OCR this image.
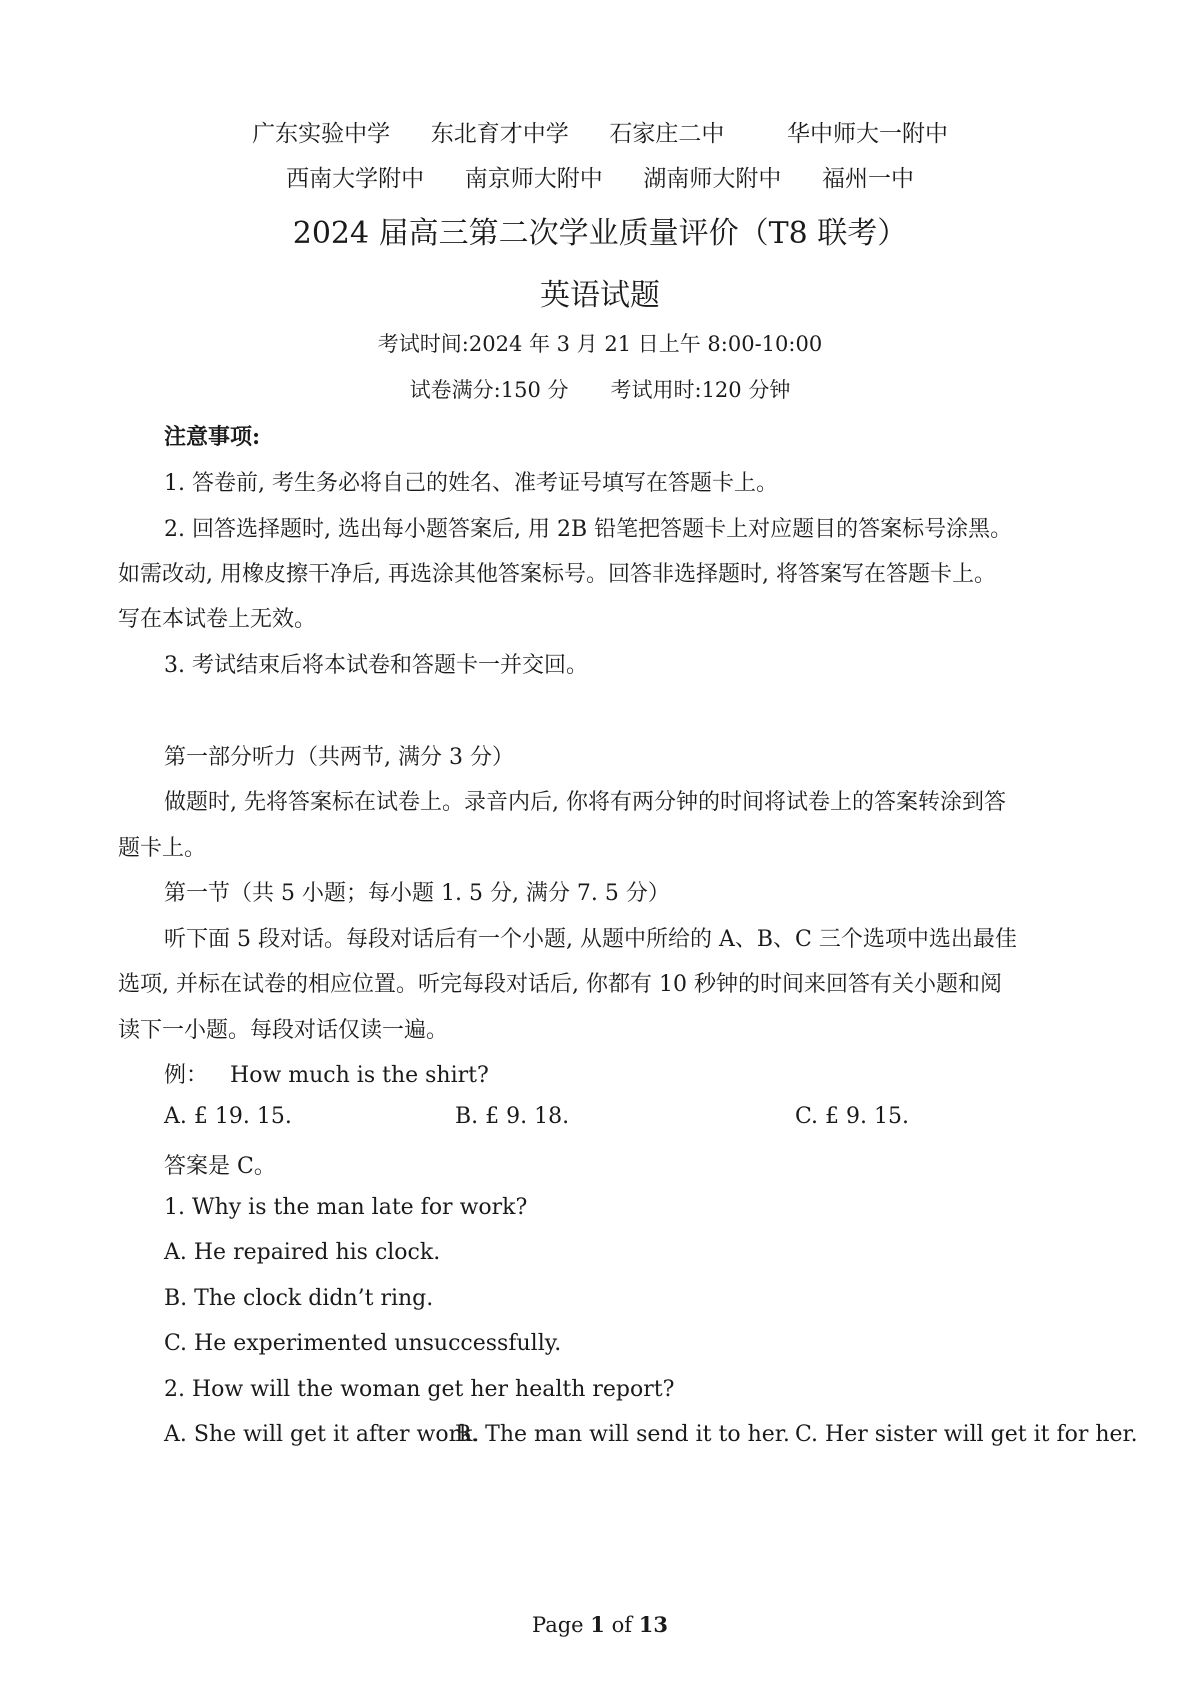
广东实验中学 东北育才中学 石家庄二中	华中师大一附中
西南大学附中 南京师大附中 湖南师大附中 福州一中
2024 届高三第二次学业质量评价（T8 联考）
英语试题
考试时间:2024 年 3 月 21 日上午 8:00-10:00
试卷满分:150 分　　考试用时:120 分钟
注意事项:
1. 答卷前, 考生务必将自己的姓名、准考证号填写在答题卡上。
2. 回答选择题时, 选出每小题答案后, 用 2B 铅笔把答题卡上对应题目的答案标号涂黑。
如需改动, 用橡皮擦干净后, 再选涂其他答案标号。回答非选择题时, 将答案写在答题卡上。
写在本试卷上无效。
3. 考试结束后将本试卷和答题卡一并交回。
第一部分听力（共两节, 满分 3 分）
做题时, 先将答案标在试卷上。录音内后, 你将有两分钟的时间将试卷上的答案转涂到答
题卡上。
第一节（共 5 小题；每小题 1. 5 分, 满分 7. 5 分）
听下面 5 段对话。每段对话后有一个小题, 从题中所给的 A、B、C 三个选项中选出最佳
选项, 并标在试卷的相应位置。听完每段对话后, 你都有 10 秒钟的时间来回答有关小题和阅
读下一小题。每段对话仅读一遍。
例： How much is the shirt?
A. £ 19. 15.	B. £ 9. 18.	C. £ 9. 15.
答案是 C。
1. Why is the man late for work?
A. He repaired his clock.
B. The clock didn’t ring.
C. He experimented unsuccessfully.
2. How will the woman get her health report?
A. She will get it after work.
B. The man will send it to her. C. Her sister will get it for her.
Page 1 of 13
